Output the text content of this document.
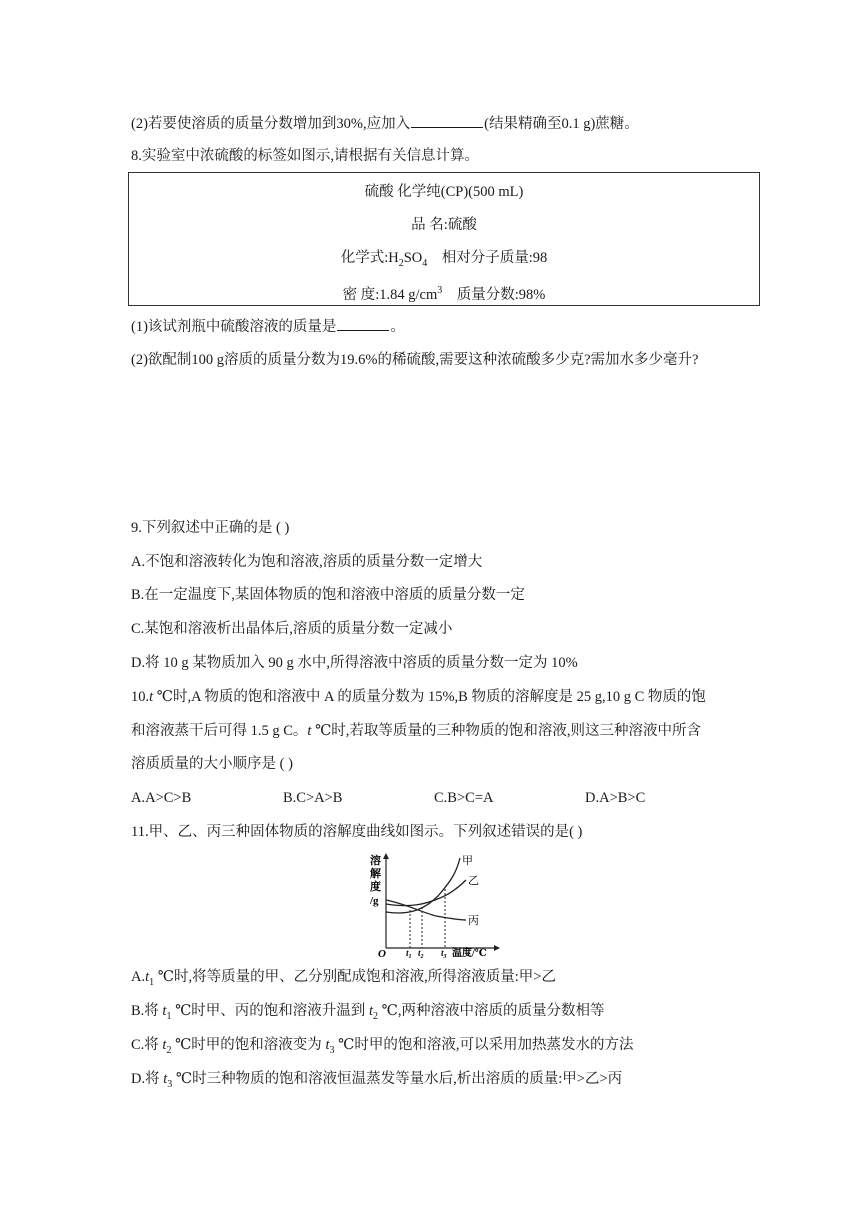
(2)若要使溶质的质量分数增加到30%,应加入	(结果精确至0.1 g)蔗糖。
8.实验室中浓硫酸的标签如图示,请根据有关信息计算。
硫酸 化学纯(CP)(500 mL)
品 名:硫酸
化学式$:H_2SO_4$    相对分子质量:98
密 度:1.84 $g/cm^3$    质量分数:98%
(1)该试剂瓶中硫酸溶液的质量是	。
(2)欲配制100 g溶质的质量分数为19.6%的稀硫酸,需要这种浓硫酸多少克?需加水多少毫升?
9.下列叙述中正确的是 ( )
A.不饱和溶液转化为饱和溶液,溶质的质量分数一定增大
B.在一定温度下,某固体物质的饱和溶液中溶质的质量分数一定
C.某饱和溶液析出晶体后,溶质的质量分数一定减小
D.将 10 g 某物质加入 90 g 水中,所得溶液中溶质的质量分数一定为 10%
10.t ℃时,A 物质的饱和溶液中 A 的质量分数为 15%,B 物质的溶解度是 25 g,10 g C 物质的饱
和溶液蒸干后可得 1.5 g C。t ℃时,若取等质量的三种物质的饱和溶液,则这三种溶液中所含
溶质质量的大小顺序是 ( )
A.A>C>B	B.C>A>B	C.B>C=A	D.A>B>C
11.甲、乙、丙三种固体物质的溶解度曲线如图示。下列叙述错误的是( )
溶
解
度
/g
O
甲
乙
丙
$t_1$ $t_2$ $t_3$ 温度/℃
$A.t_1$ ℃时,将等质量的甲、乙分别配成饱和溶液,所得溶液质量:甲>乙
B.将 $t_1$ ℃时甲、丙的饱和溶液升温到 $t_2$ ℃,两种溶液中溶质的质量分数相等
C.将 $t_2$ ℃时甲的饱和溶液变为 $t_3$ ℃时甲的饱和溶液,可以采用加热蒸发水的方法
D.将 $t_3$ ℃时三种物质的饱和溶液恒温蒸发等量水后,析出溶质的质量:甲>乙>丙
